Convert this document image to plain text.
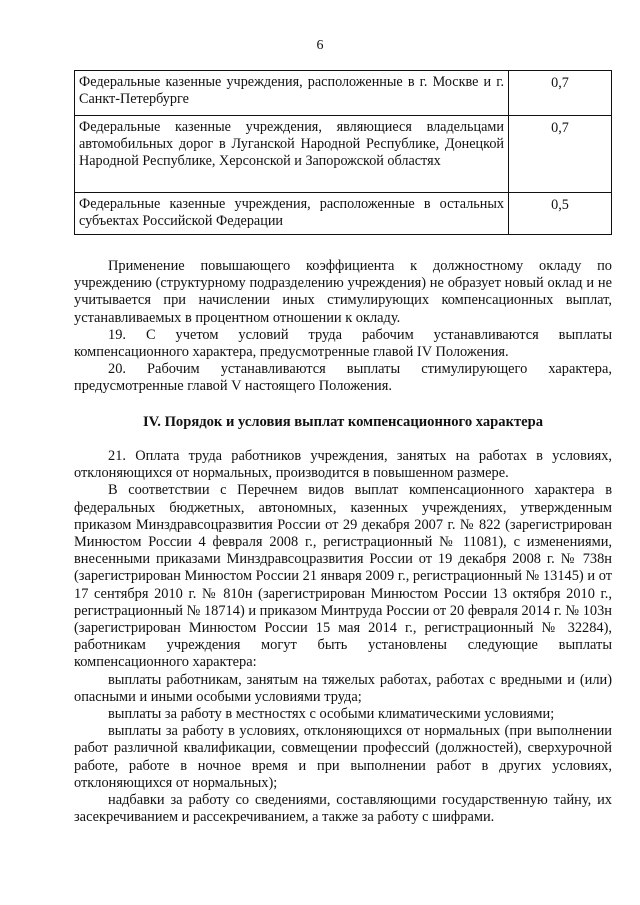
6
Федеральные казенные учреждения, расположенные в г. Москве и г. Санкт-Петербурге	0,7
Федеральные казенные учреждения, являющиеся владельцами автомобильных дорог в Луганской Народной Республике, Донецкой Народной Республике, Херсонской и Запорожской областях	0,7
Федеральные казенные учреждения, расположенные в остальных субъектах Российской Федерации	0,5

Применение повышающего коэффициента к должностному окладу по учреждению (структурному подразделению учреждения) не образует новый оклад и не учитывается при начислении иных стимулирующих компенсационных выплат, устанавливаемых в процентном отношении к окладу.

19. С учетом условий труда рабочим устанавливаются выплаты компенсационного характера, предусмотренные главой IV Положения.

20. Рабочим устанавливаются выплаты стимулирующего характера, предусмотренные главой V настоящего Положения.

IV. Порядок и условия выплат компенсационного характера

21. Оплата труда работников учреждения, занятых на работах в условиях, отклоняющихся от нормальных, производится в повышенном размере.

В соответствии с Перечнем видов выплат компенсационного характера в федеральных бюджетных, автономных, казенных учреждениях, утвержденным приказом Минздравсоцразвития России от 29 декабря 2007 г. № 822 (зарегистрирован Минюстом России 4 февраля 2008 г., регистрационный № 11081), с изменениями, внесенными приказами Минздравсоцразвития России от 19 декабря 2008 г. № 738н (зарегистрирован Минюстом России 21 января 2009 г., регистрационный № 13145) и от 17 сентября 2010 г. № 810н (зарегистрирован Минюстом России 13 октября 2010 г., регистрационный № 18714) и приказом Минтруда России от 20 февраля 2014 г. № 103н (зарегистрирован Минюстом России 15 мая 2014 г., регистрационный № 32284), работникам учреждения могут быть установлены следующие выплаты компенсационного характера:

выплаты работникам, занятым на тяжелых работах, работах с вредными и (или) опасными и иными особыми условиями труда;

выплаты за работу в местностях с особыми климатическими условиями;

выплаты за работу в условиях, отклоняющихся от нормальных (при выполнении работ различной квалификации, совмещении профессий (должностей), сверхурочной работе, работе в ночное время и при выполнении работ в других условиях, отклоняющихся от нормальных);

надбавки за работу со сведениями, составляющими государственную тайну, их засекречиванием и рассекречиванием, а также за работу с шифрами.
